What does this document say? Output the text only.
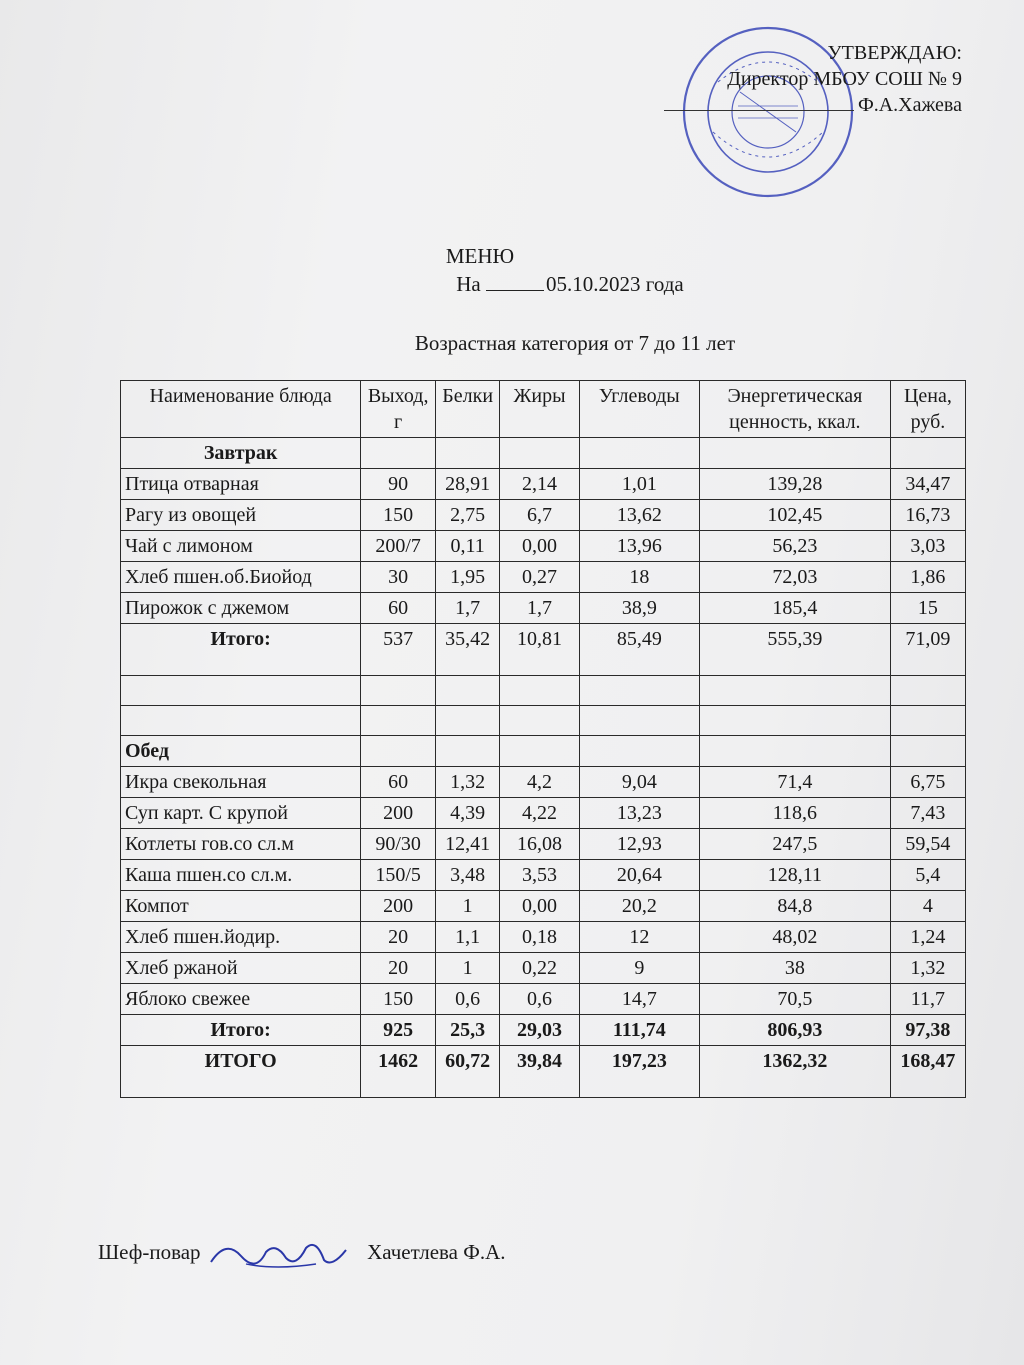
УТВЕРЖДАЮ:
Директор МБОУ СОШ № 9
Ф.А.Хажева
МЕНЮ
На	05.10.2023 года
Возрастная категория от 7 до 11 лет
Наименование блюда	Выход, г	Белки	Жиры	Углеводы	Энергетическая ценность, ккал.	Цена, руб.
Завтрак						
Птица отварная	90	28,91	2,14	1,01	139,28	34,47
Рагу из овощей	150	2,75	6,7	13,62	102,45	16,73
Чай с лимоном	200/7	0,11	0,00	13,96	56,23	3,03
Хлеб пшен.об.Биойод	30	1,95	0,27	18	72,03	1,86
Пирожок с джемом	60	1,7	1,7	38,9	185,4	15
Итого:	537	35,42	10,81	85,49	555,39	71,09

Обед						
Икра свекольная	60	1,32	4,2	9,04	71,4	6,75
Суп карт. С крупой	200	4,39	4,22	13,23	118,6	7,43
Котлеты гов.со сл.м	90/30	12,41	16,08	12,93	247,5	59,54
Каша пшен.со сл.м.	150/5	3,48	3,53	20,64	128,11	5,4
Компот	200	1	0,00	20,2	84,8	4
Хлеб пшен.йодир.	20	1,1	0,18	12	48,02	1,24
Хлеб ржаной	20	1	0,22	9	38	1,32
Яблоко свежее	150	0,6	0,6	14,7	70,5	11,7
Итого:	925	25,3	29,03	111,74	806,93	97,38
ИТОГО	1462	60,72	39,84	197,23	1362,32	168,47
Шеф-повар	Хачетлева Ф.А.
